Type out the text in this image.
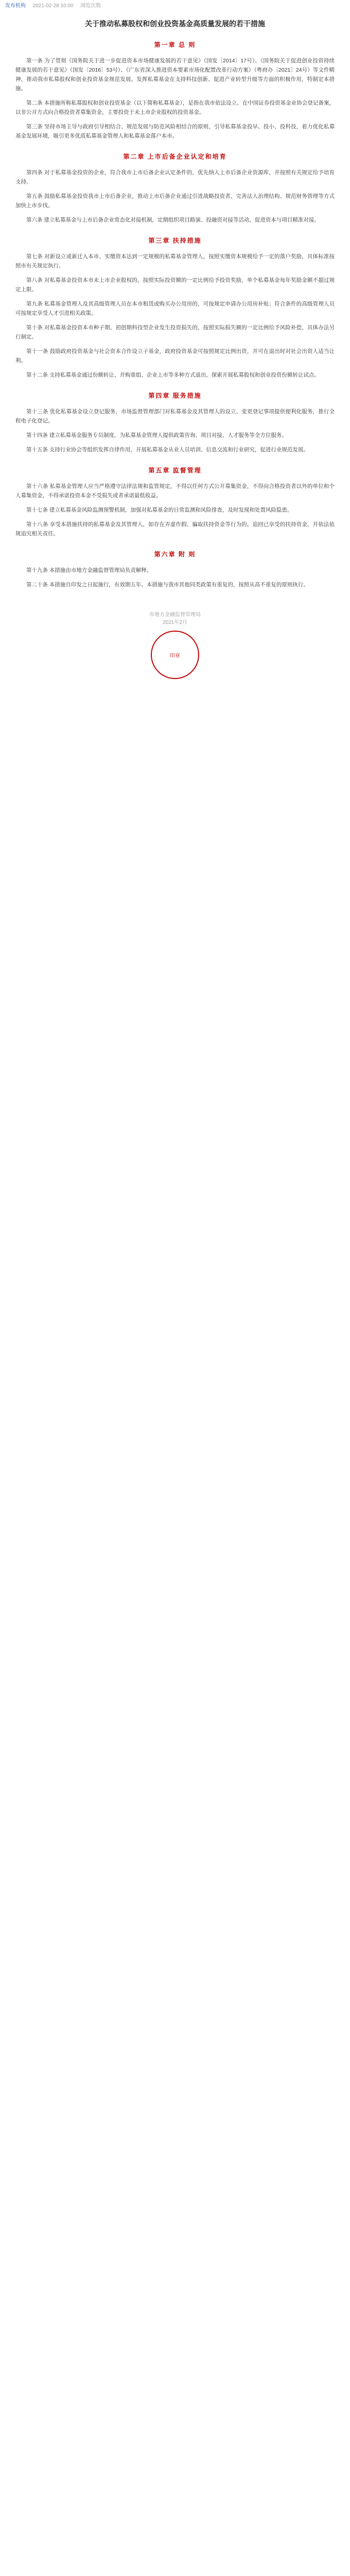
发布机构 2021-02-28 10:00 浏览次数
关于推动私募股权和创业投资基金高质量发展的若干措施
第一章 总 则

第一条 为了贯彻《国务院关于进一步促进资本市场健康发展的若干意见》（国发〔2014〕17号）、《国务院关于促进创业投资持续健康发展的若干意见》（国发〔2016〕53号）、《广东省深入推进资本要素市场化配置改革行动方案》（粤府办〔2021〕24号）等文件精神，推动我市私募股权和创业投资基金规范发展，发挥私募基金在支持科技创新、促进产业转型升级等方面的积极作用，特制定本措施。

第二条 本措施所称私募股权和创业投资基金（以下简称私募基金），是指在我市依法设立、在中国证券投资基金业协会登记备案，以非公开方式向合格投资者募集资金，主要投资于未上市企业股权的投资基金。

第三条 坚持市场主导与政府引导相结合、规范发展与防范风险相结合的原则，引导私募基金投早、投小、投科技，着力优化私募基金发展环境，吸引更多优质私募基金管理人和私募基金落户本市。

第二章 上市后备企业认定和培育

第四条 对于私募基金投资的企业，符合我市上市后备企业认定条件的，优先纳入上市后备企业资源库，并按照有关规定给予培育支持。

第五条 鼓励私募基金投资我市上市后备企业，推动上市后备企业通过引进战略投资者、完善法人治理结构、规范财务管理等方式加快上市步伐。

第六条 建立私募基金与上市后备企业常态化对接机制，定期组织项目路演、投融资对接等活动，促进资本与项目精准对接。

第三章 扶持措施

第七条 对新设立或新迁入本市、实缴资本达到一定规模的私募基金管理人，按照实缴资本规模给予一定的落户奖励，具体标准按照市有关规定执行。

第八条 对私募基金投资本市未上市企业股权的，按照实际投资额的一定比例给予投资奖励，单个私募基金每年奖励金额不超过规定上限。

第九条 私募基金管理人及其高级管理人员在本市租赁或购买办公用房的，可按规定申请办公用房补贴；符合条件的高级管理人员可按规定享受人才引进相关政策。

第十条 对私募基金投资本市种子期、初创期科技型企业发生投资损失的，按照实际损失额的一定比例给予风险补偿，具体办法另行制定。

第十一条 鼓励政府投资基金与社会资本合作设立子基金，政府投资基金可按照规定比例出资，并可在退出时对社会出资人适当让利。

第十二条 支持私募基金通过份额转让、并购重组、企业上市等多种方式退出，探索开展私募股权和创业投资份额转让试点。

第四章 服务措施

第十三条 优化私募基金设立登记服务，市场监督管理部门对私募基金及其管理人的设立、变更登记事项提供便利化服务，推行全程电子化登记。

第十四条 建立私募基金服务专员制度，为私募基金管理人提供政策咨询、项目对接、人才服务等全方位服务。

第十五条 支持行业协会等组织发挥自律作用，开展私募基金从业人员培训、信息交流和行业研究，促进行业规范发展。

第五章 监督管理

第十六条 私募基金管理人应当严格遵守法律法规和监管规定，不得以任何方式公开募集资金，不得向合格投资者以外的单位和个人募集资金，不得承诺投资本金不受损失或者承诺最低收益。

第十七条 建立私募基金风险监测预警机制，加强对私募基金的日常监测和风险排查，及时发现和处置风险隐患。

第十八条 享受本措施扶持的私募基金及其管理人，如存在弄虚作假、骗取扶持资金等行为的，追回已享受的扶持资金，并依法依规追究相关责任。

第六章 附 则

第十九条 本措施由市地方金融监督管理局负责解释。

第二十条 本措施自印发之日起施行，有效期五年。本措施与我市其他同类政策有重复的，按照从高不重复的原则执行。

市地方金融监督管理局
2021年2月
印章
